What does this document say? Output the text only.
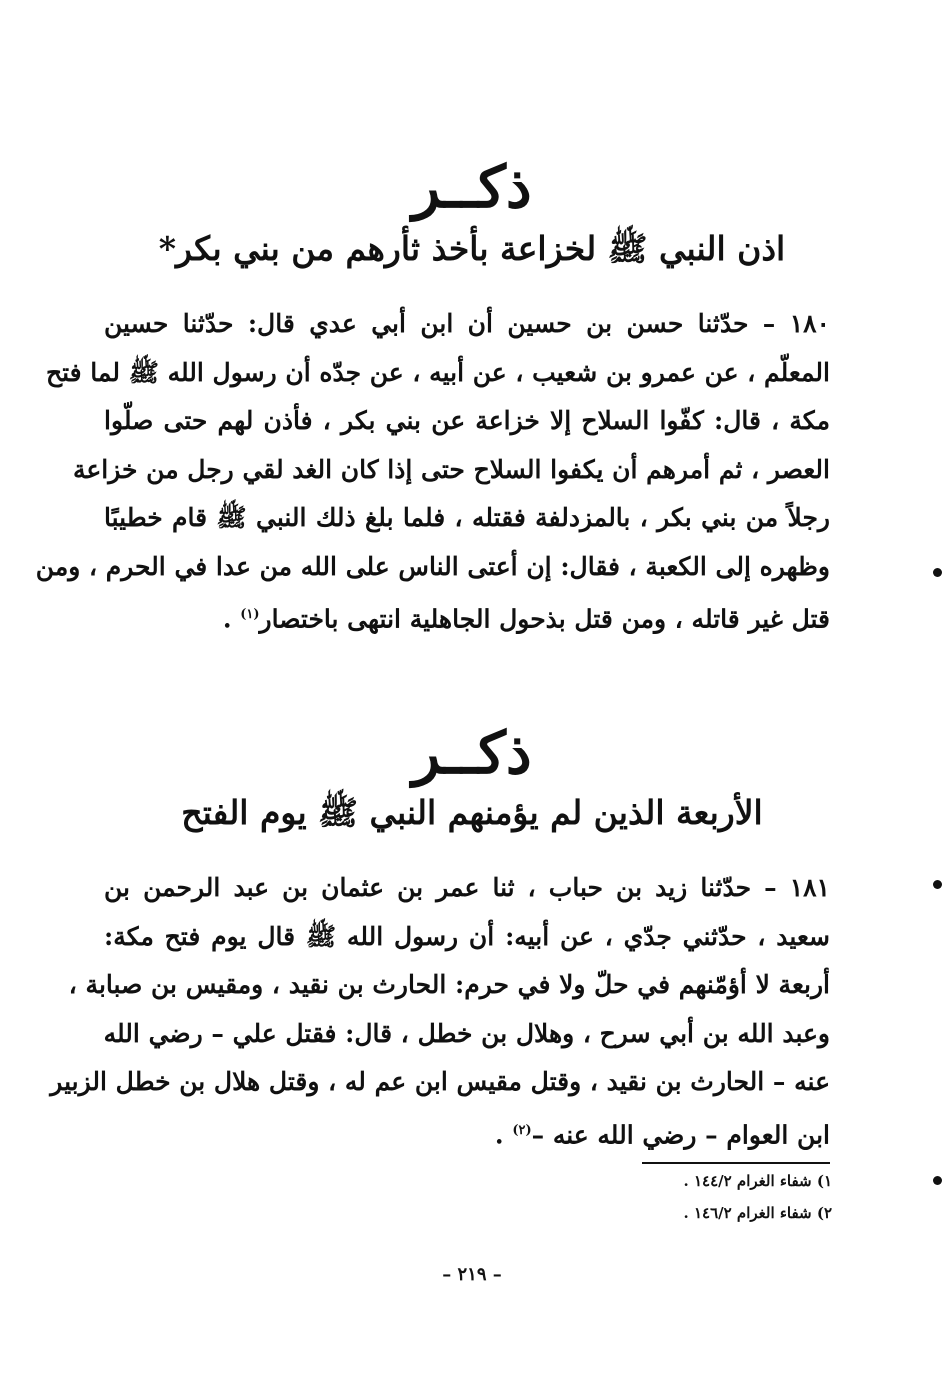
ذكــر
اذن النبي ﷺ لخزاعة بأخذ ثأرهم من بني بكر*
١٨٠ – حدّثنا حسن بن حسين أن ابن أبي عدي قال: حدّثنا حسين
المعلّم ، عن عمرو بن شعيب ، عن أبيه ، عن جدّه أن رسول الله ﷺ لما فتح
مكة ، قال: كفّوا السلاح إلا خزاعة عن بني بكر ، فأذن لهم حتى صلّوا
العصر ، ثم أمرهم أن يكفوا السلاح حتى إذا كان الغد لقي رجل من خزاعة
رجلاً من بني بكر ، بالمزدلفة فقتله ، فلما بلغ ذلك النبي ﷺ قام خطيبًا
وظهره إلى الكعبة ، فقال: إن أعتى الناس على الله من عدا في الحرم ، ومن
قتل غير قاتله ، ومن قتل بذحول الجاهلية انتهى باختصار$^{(١)}$ .
ذكــر
الأربعة الذين لم يؤمنهم النبي ﷺ يوم الفتح
١٨١ – حدّثنا زيد بن حباب ، ثنا عمر بن عثمان بن عبد الرحمن بن
سعيد ، حدّثني جدّي ، عن أبيه: أن رسول الله ﷺ قال يوم فتح مكة:
أربعة لا أؤمّنهم في حلّ ولا في حرم: الحارث بن نقيد ، ومقيس بن صبابة ،
وعبد الله بن أبي سرح ، وهلال بن خطل ، قال: فقتل علي – رضي الله
عنه – الحارث بن نقيد ، وقتل مقيس ابن عم له ، وقتل هلال بن خطل الزبير
ابن العوام – رضي الله عنه –$^{(٢)}$ .
١) شفاء الغرام ١٤٤/٢ .
٢) شفاء الغرام ١٤٦/٢ .
– ٢١٩ –
